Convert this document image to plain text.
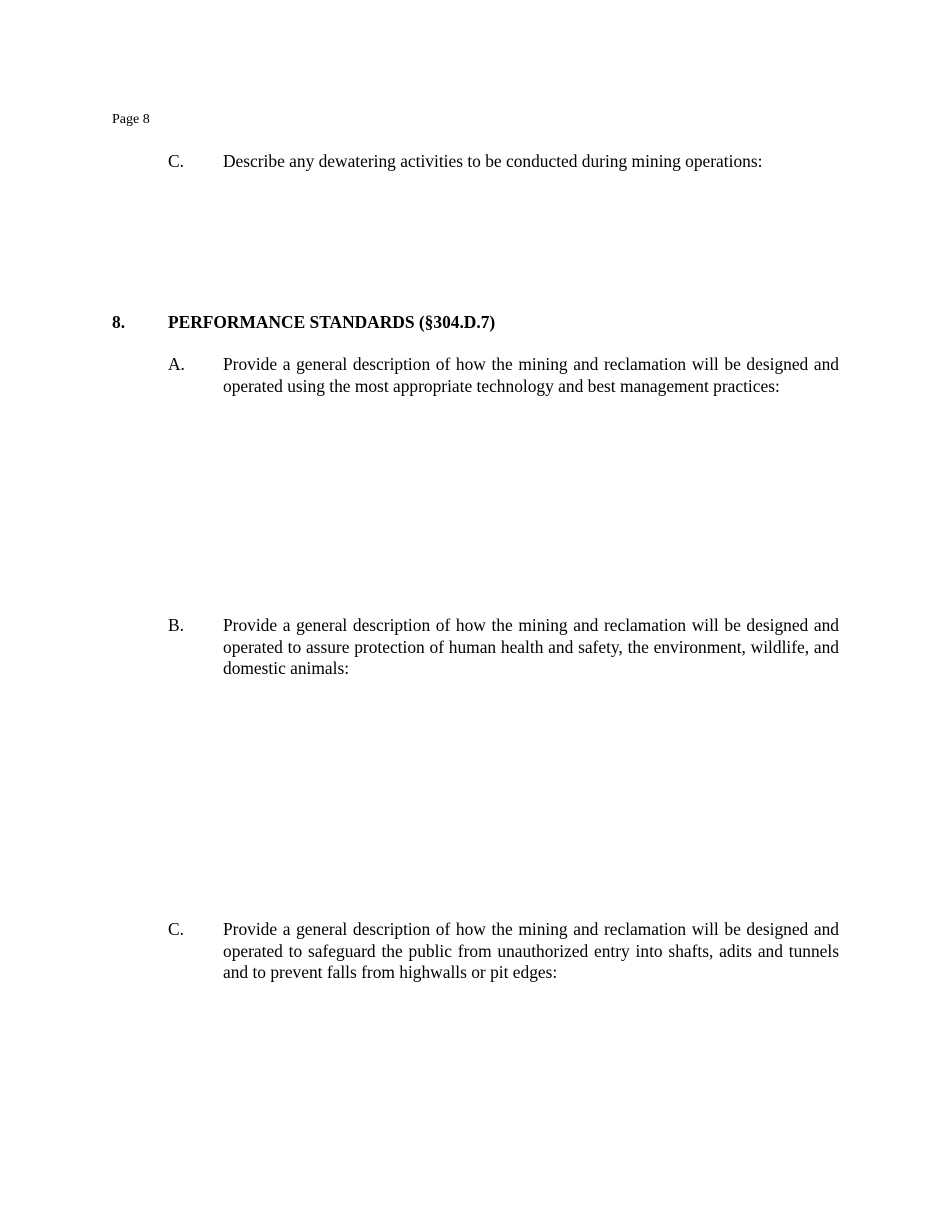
Page 8
C. Describe any dewatering activities to be conducted during mining operations:
8. PERFORMANCE STANDARDS (§304.D.7)
A. Provide a general description of how the mining and reclamation will be designed and operated using the most appropriate technology and best management practices:
B. Provide a general description of how the mining and reclamation will be designed and operated to assure protection of human health and safety, the environment, wildlife, and domestic animals:
C. Provide a general description of how the mining and reclamation will be designed and operated to safeguard the public from unauthorized entry into shafts, adits and tunnels and to prevent falls from highwalls or pit edges:
